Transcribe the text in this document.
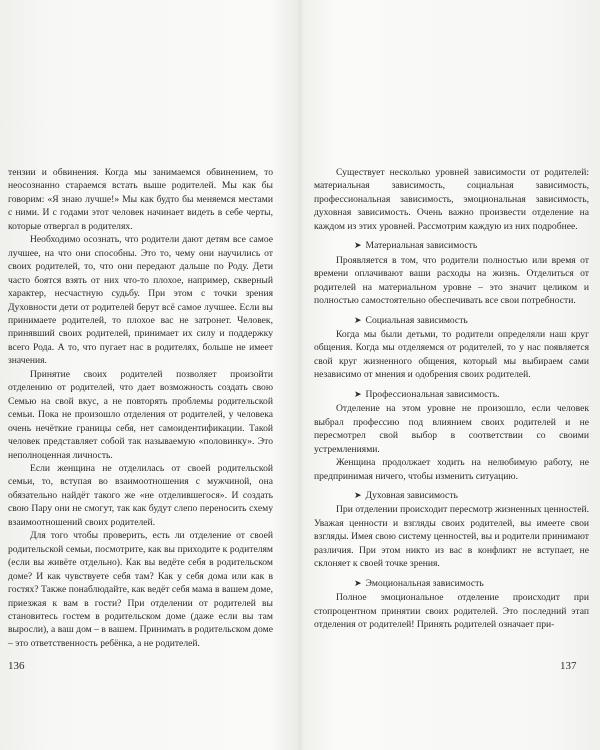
тензии и обвинения. Когда мы занимаемся обвинением, то неосознанно стараемся встать выше родителей. Мы как бы говорим: «Я знаю лучше!» Мы как будто бы меняемся местами с ними. И с годами этот человек начинает видеть в себе черты, которые отвергал в родителях.

Необходимо осознать, что родители дают детям все самое лучшее, на что они способны. Это то, чему они научились от своих родителей, то, что они передают дальше по Роду. Дети часто боятся взять от них что-то плохое, например, скверный характер, несчастную судьбу. При этом с точки зрения Духовности дети от родителей берут всё самое лучшее. Если вы принимаете родителей, то плохое вас не затронет. Человек, принявший своих родителей, принимает их силу и поддержку всего Рода. А то, что пугает нас в родителях, больше не имеет значения.

Принятие своих родителей позволяет произойти отделению от родителей, что дает возможность создать свою Семью на свой вкус, а не повторять проблемы родительской семьи. Пока не произошло отделения от родителей, у человека очень нечёткие границы себя, нет самоидентификации. Такой человек представляет собой так называемую «половинку». Это неполноценная личность.

Если женщина не отделилась от своей родительской семьи, то, вступая во взаимоотношения с мужчиной, она обязательно найдёт такого же «не отделившегося». И создать свою Пару они не смогут, так как будут слепо переносить схему взаимоотношений своих родителей.

Для того чтобы проверить, есть ли отделение от своей родительской семьи, посмотрите, как вы приходите к родителям (если вы живёте отдельно). Как вы ведёте себя в родительском доме? И как чувствуете себя там? Как у себя дома или как в гостях? Также понаблюдайте, как ведёт себя мама в вашем доме, приезжая к вам в гости? При отделении от родителей вы становитесь гостем в родительском доме (даже если вы там выросли), а ваш дом – в вашем. Принимать в родительском доме – это ответственность ребёнка, а не родителей.

136

Существует несколько уровней зависимости от родителей: материальная зависимость, социальная зависимость, профессиональная зависимость, эмоциональная зависимость, духовная зависимость. Очень важно произвести отделение на каждом из этих уровней. Рассмотрим каждую из них подробнее.

➤ Материальная зависимость

Проявляется в том, что родители полностью или время от времени оплачивают ваши расходы на жизнь. Отделиться от родителей на материальном уровне – это значит целиком и полностью самостоятельно обеспечивать все свои потребности.

➤ Социальная зависимость

Когда мы были детьми, то родители определяли наш круг общения. Когда мы отделяемся от родителей, то у нас появляется свой круг жизненного общения, который мы выбираем сами независимо от мнения и одобрения своих родителей.

➤ Профессиональная зависимость.

Отделение на этом уровне не произошло, если человек выбрал профессию под влиянием своих родителей и не пересмотрел свой выбор в соответствии со своими устремлениями.

Женщина продолжает ходить на нелюбимую работу, не предпринимая ничего, чтобы изменить ситуацию.

➤ Духовная зависимость

При отделении происходит пересмотр жизненных ценностей. Уважая ценности и взгляды своих родителей, вы имеете свои взгляды. Имея свою систему ценностей, вы и родители принимают различия. При этом никто из вас в конфликт не вступает, не склоняет к своей точке зрения.

➤ Эмоциональная зависимость

Полное эмоциональное отделение происходит при стопроцентном принятии своих родителей. Это последний этап отделения от родителей! Принять родителей означает при-

137
